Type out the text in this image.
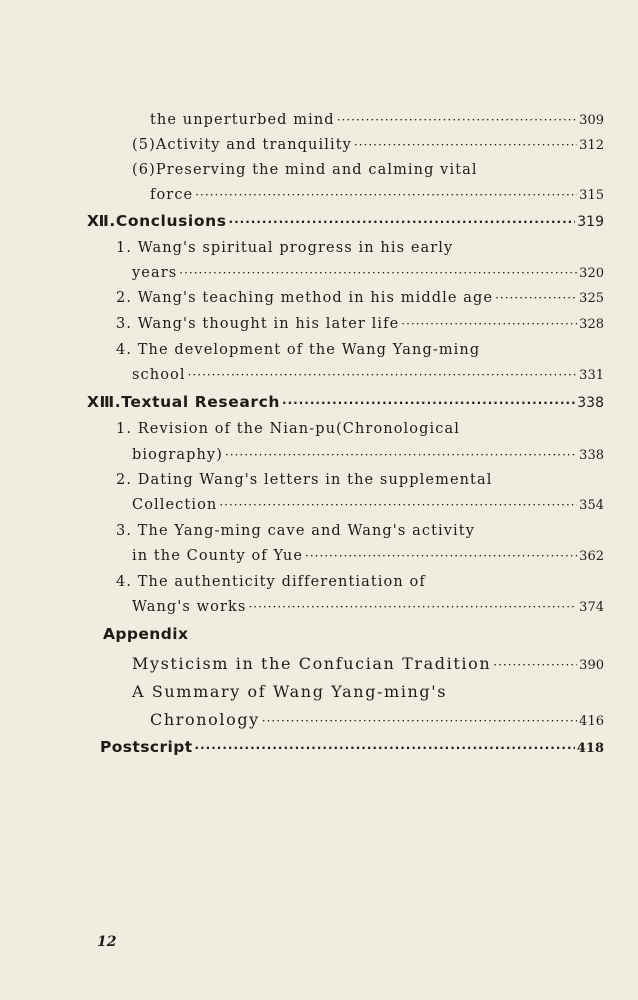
the unperturbed mind ·····	309
(5)Activity and tranquility ·····	312
(6)Preserving the mind and calming vital
force ·····	315
Ⅻ.Conclusions ·····	319
1. Wang's spiritual progress in his early
years ·····	320
2. Wang's teaching method in his middle age ·····	325
3. Wang's thought in his later life ·····	328
4. The development of the Wang Yang-ming
school ·····	331
ⅩⅢ.Textual Research ·····	338
1. Revision of the Nian-pu(Chronological
biography) ·····	338
2. Dating Wang's letters in the supplemental
Collection ·····	354
3. The Yang-ming cave and Wang's activity
in the County of Yue ·····	362
4. The authenticity differentiation of
Wang's works ·····	374
Appendix
Mysticism in the Confucian Tradition ·····	390
A Summary of Wang Yang-ming's
Chronology ·····	416
Postscript ·····	418
12
